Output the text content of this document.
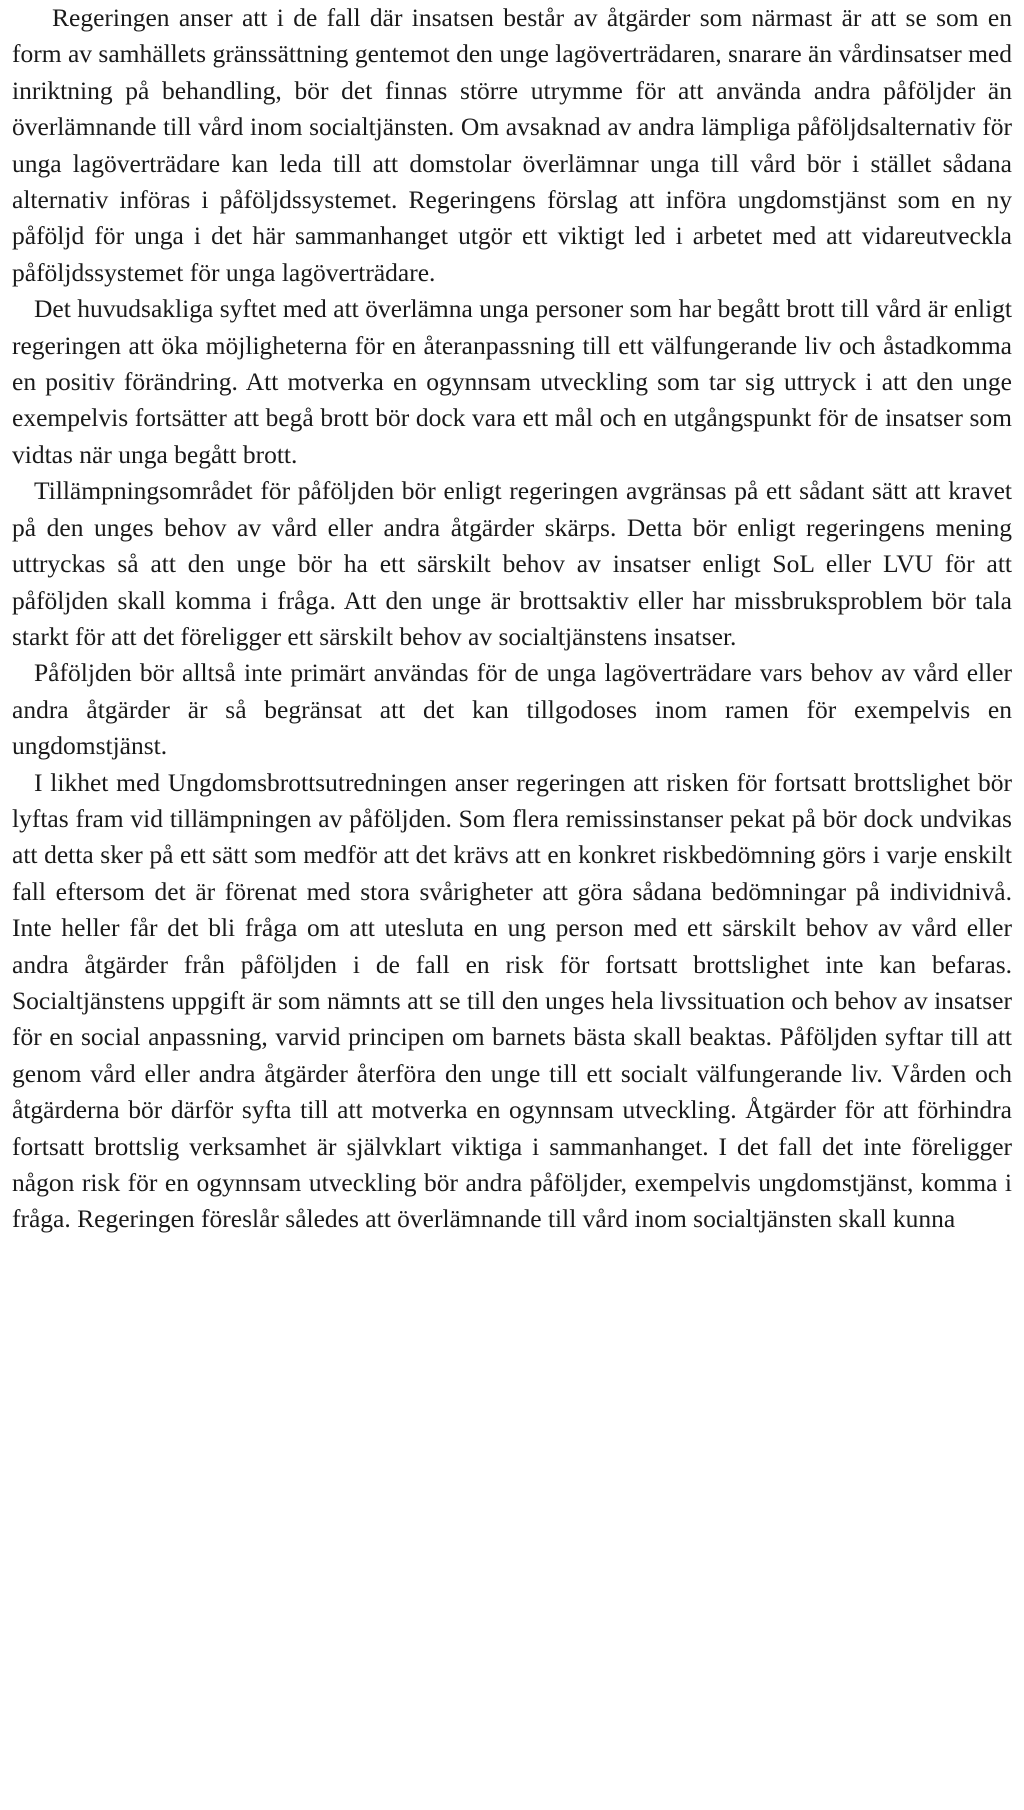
Regeringen anser att i de fall där insatsen består av åtgärder som närmast är att se som en form av samhällets gränssättning gentemot den unge lagöverträdaren, snarare än vårdinsatser med inriktning på behandling, bör det finnas större utrymme för att använda andra påföljder än överlämnande till vård inom socialtjänsten. Om avsaknad av andra lämpliga påföljdsalternativ för unga lagöverträdare kan leda till att domstolar överlämnar unga till vård bör i stället sådana alternativ införas i påföljdssystemet. Regeringens förslag att införa ungdomstjänst som en ny påföljd för unga i det här sammanhanget utgör ett viktigt led i arbetet med att vidareutveckla påföljdssystemet för unga lagöverträdare.

Det huvudsakliga syftet med att överlämna unga personer som har begått brott till vård är enligt regeringen att öka möjligheterna för en återanpassning till ett välfungerande liv och åstadkomma en positiv förändring. Att motverka en ogynnsam utveckling som tar sig uttryck i att den unge exempelvis fortsätter att begå brott bör dock vara ett mål och en utgångspunkt för de insatser som vidtas när unga begått brott.

Tillämpningsområdet för påföljden bör enligt regeringen avgränsas på ett sådant sätt att kravet på den unges behov av vård eller andra åtgärder skärps. Detta bör enligt regeringens mening uttryckas så att den unge bör ha ett särskilt behov av insatser enligt SoL eller LVU för att påföljden skall komma i fråga. Att den unge är brottsaktiv eller har missbruksproblem bör tala starkt för att det föreligger ett särskilt behov av socialtjänstens insatser.

Påföljden bör alltså inte primärt användas för de unga lagöverträdare vars behov av vård eller andra åtgärder är så begränsat att det kan tillgodoses inom ramen för exempelvis en ungdomstjänst.

I likhet med Ungdomsbrottsutredningen anser regeringen att risken för fortsatt brottslighet bör lyftas fram vid tillämpningen av påföljden. Som flera remissinstanser pekat på bör dock undvikas att detta sker på ett sätt som medför att det krävs att en konkret riskbedömning görs i varje enskilt fall eftersom det är förenat med stora svårigheter att göra sådana bedömningar på individnivå. Inte heller får det bli fråga om att utesluta en ung person med ett särskilt behov av vård eller andra åtgärder från påföljden i de fall en risk för fortsatt brottslighet inte kan befaras. Socialtjänstens uppgift är som nämnts att se till den unges hela livssituation och behov av insatser för en social anpassning, varvid principen om barnets bästa skall beaktas. Påföljden syftar till att genom vård eller andra åtgärder återföra den unge till ett socialt välfungerande liv. Vården och åtgärderna bör därför syfta till att motverka en ogynnsam utveckling. Åtgärder för att förhindra fortsatt brottslig verksamhet är självklart viktiga i sammanhanget. I det fall det inte föreligger någon risk för en ogynnsam utveckling bör andra påföljder, exempelvis ungdomstjänst, komma i fråga. Regeringen föreslår således att överlämnande till vård inom socialtjänsten skall kunna
